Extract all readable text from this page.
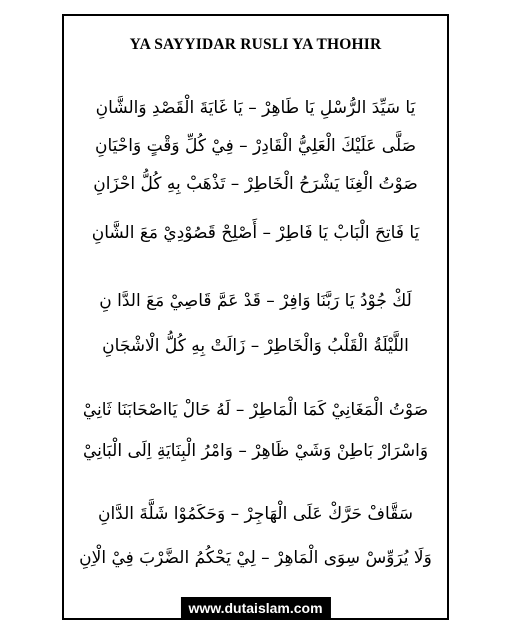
YA SAYYIDAR RUSLI YA THOHIR
يَا سَيِّدَ الرُّسْلِ يَا طَاهِرْ – يَا غَايَةَ الْقَصْدِ وَالشَّانِ
صَلَّى عَلَيْكَ الْعَلِيُّ الْقَادِرْ – فِيْ كُلِّ وَقْتٍ وَاحْيَانِ
صَوْتُ الْغِنَا يَشْرَحُ الْخَاطِرْ – تَذْهَبْ بِهِ كُلُّ احْزَانِ
يَا فَاتِحَ الْبَابْ يَا فَاطِرْ – أَصْلِحْ قَصُوْدِيْ مَعَ الشَّانِ
لَكْ جُوْدُ يَا رَبَّنَا وَافِرْ – قَدْ عَمَّ قَاصِيْ مَعَ الدَّا نِ
اللَّيْلَةُ الْقَلْبُ وَالْخَاطِرْ – زَالَتْ بِهِ كُلُّ الْاشْجَانِ
صَوْتُ الْمَغَانِيْ كَمَا الْمَاطِرْ – لَهُ حَالْ يَااصْحَابَنَا ثَانِيْ
وَاسْرَارْ بَاطِنْ وَشَيْ ظَاهِرْ – وَامْرُ الْبِنَايَةِ اِلَى الْبَانِيْ
سَقَّافْ حَرَّكْ عَلَى الْهَاجِرْ – وَحَكَمُوْا شَلَّةَ الدَّانِ
وَلَا يُرَوِّسْ سِوَى الْمَاهِرْ – لِيْ يَحْكُمُ الضَّرْبَ فِيْ الْاِنِ
www.dutaislam.com
